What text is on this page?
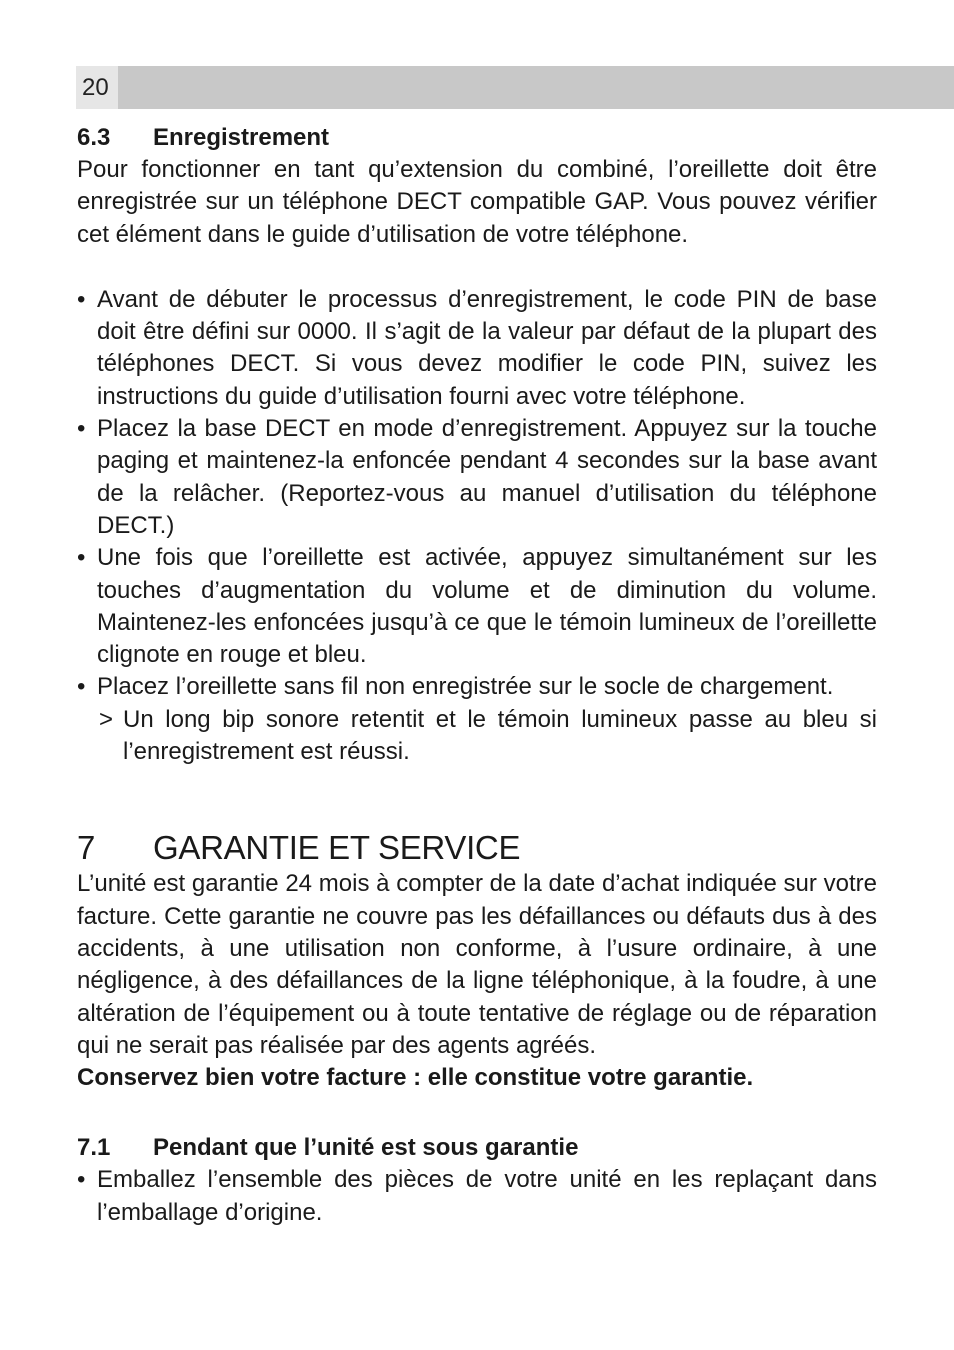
20
6.3	Enregistrement

Pour fonctionner en tant qu’extension du combiné, l’oreillette doit être enregistrée sur un téléphone DECT compatible GAP. Vous pouvez vérifier cet élément dans le guide d’utilisation de votre téléphone.

• Avant de débuter le processus d’enregistrement, le code PIN de base doit être défini sur 0000. Il s’agit de la valeur par défaut de la plupart des téléphones DECT. Si vous devez modifier le code PIN, suivez les instructions du guide d’utilisation fourni avec votre téléphone.
• Placez la base DECT en mode d’enregistrement. Appuyez sur la touche paging et maintenez-la enfoncée pendant 4 secondes sur la base avant de la relâcher. (Reportez-vous au manuel d’utilisation du téléphone DECT.)
• Une fois que l’oreillette est activée, appuyez simultanément sur les touches d’augmentation du volume et de diminution du volume. Maintenez-les enfoncées jusqu’à ce que le témoin lumineux de l’oreillette clignote en rouge et bleu.
• Placez l’oreillette sans fil non enregistrée sur le socle de chargement.
> Un long bip sonore retentit et le témoin lumineux passe au bleu si l’enregistrement est réussi.
7	GARANTIE ET SERVICE

L’unité est garantie 24 mois à compter de la date d’achat indiquée sur votre facture. Cette garantie ne couvre pas les défaillances ou défauts dus à des accidents, à une utilisation non conforme, à l’usure ordinaire, à une négligence, à des défaillances de la ligne téléphonique, à la foudre, à une altération de l’équipement ou à toute tentative de réglage ou de réparation qui ne serait pas réalisée par des agents agréés.

Conservez bien votre facture : elle constitue votre garantie.

7.1	Pendant que l’unité est sous garantie
• Emballez l’ensemble des pièces de votre unité en les replaçant dans l’emballage d’origine.
